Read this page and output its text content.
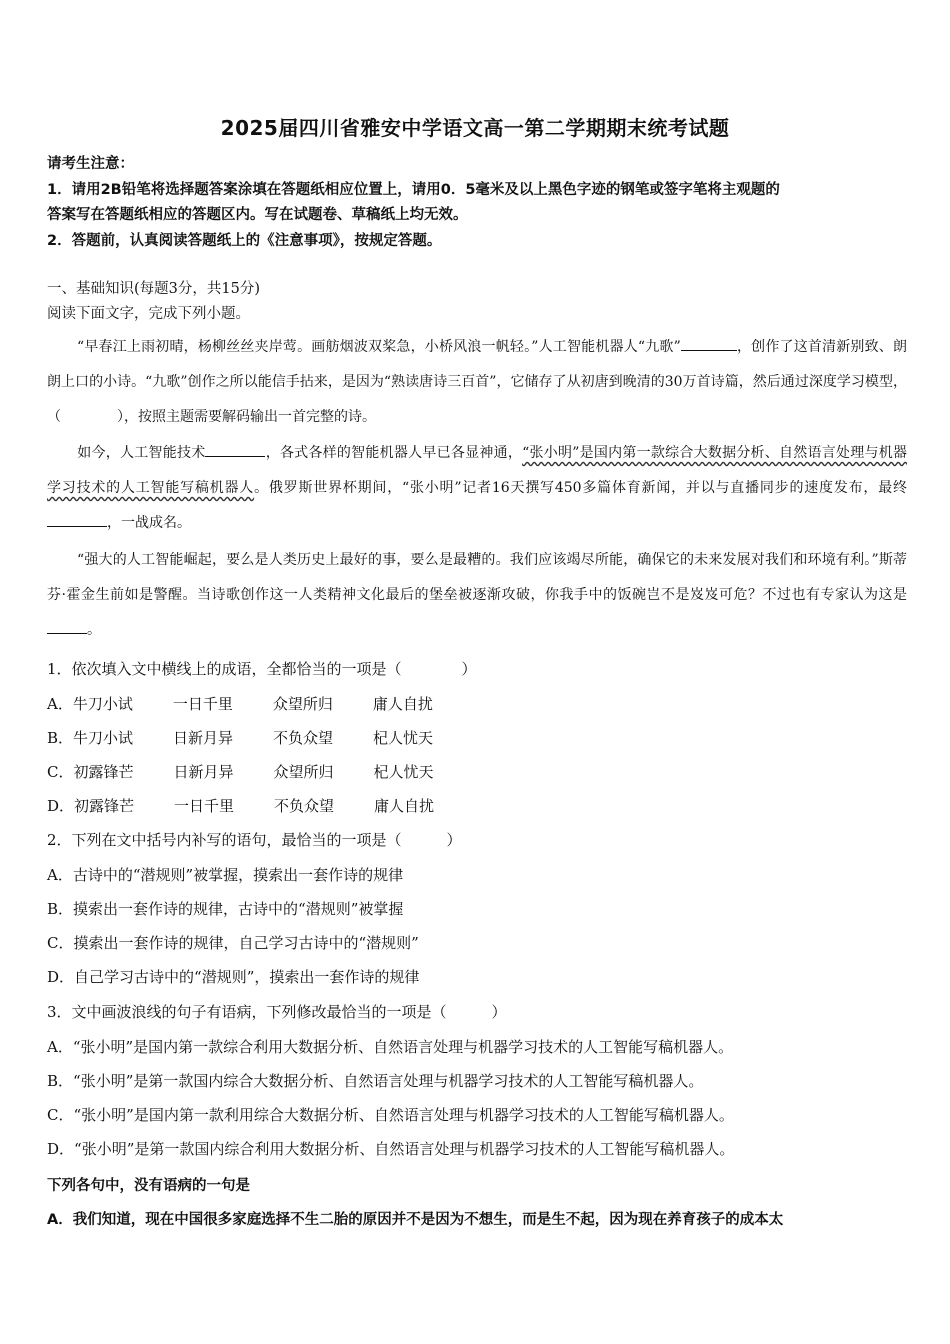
2025届四川省雅安中学语文高一第二学期期末统考试题
请考生注意：
1．请用2B铅笔将选择题答案涂填在答题纸相应位置上，请用0．5毫米及以上黑色字迹的钢笔或签字笔将主观题的
答案写在答题纸相应的答题区内。写在试题卷、草稿纸上均无效。
2．答题前，认真阅读答题纸上的《注意事项》，按规定答题。
一、基础知识(每题3分，共15分)
阅读下面文字，完成下列小题。
“早春江上雨初晴，杨柳丝丝夹岸莺。画舫烟波双桨急，小桥风浪一帆轻。”人工智能机器人“九歌”	，创作了这首清新别致、朗朗上口的小诗。“九歌”创作之所以能信手拈来，是因为“熟读唐诗三百首”，它储存了从初唐到晚清的30万首诗篇，然后通过深度学习模型，（	），按照主题需要解码输出一首完整的诗。
如今，人工智能技术	，各式各样的智能机器人早已各显神通，“张小明”是国内第一款综合大数据分析、自然语言处理与机器学习技术的人工智能写稿机器人。俄罗斯世界杯期间，“张小明”记者16天撰写450多篇体育新闻，并以与直播同步的速度发布，最终，一战成名。
“强大的人工智能崛起，要么是人类历史上最好的事，要么是最糟的。我们应该竭尽所能，确保它的未来发展对我们和环境有利。”斯蒂芬·霍金生前如是警醒。当诗歌创作这一人类精神文化最后的堡垒被逐渐攻破，你我手中的饭碗岂不是岌岌可危？不过也有专家认为这是。
1．依次填入文中横线上的成语，全都恰当的一项是（　　　　）
A．牛刀小试	一日千里	众望所归	庸人自扰
B．牛刀小试	日新月异	不负众望	杞人忧天
C．初露锋芒	日新月异	众望所归	杞人忧天
D．初露锋芒	一日千里	不负众望	庸人自扰
2．下列在文中括号内补写的语句，最恰当的一项是（　　　）
A．古诗中的“潜规则”被掌握，摸索出一套作诗的规律
B．摸索出一套作诗的规律，古诗中的“潜规则”被掌握
C．摸索出一套作诗的规律，自己学习古诗中的“潜规则”
D．自己学习古诗中的“潜规则”，摸索出一套作诗的规律
3．文中画波浪线的句子有语病，下列修改最恰当的一项是（　　　）
A．“张小明”是国内第一款综合利用大数据分析、自然语言处理与机器学习技术的人工智能写稿机器人。
B．“张小明”是第一款国内综合大数据分析、自然语言处理与机器学习技术的人工智能写稿机器人。
C．“张小明”是国内第一款利用综合大数据分析、自然语言处理与机器学习技术的人工智能写稿机器人。
D．“张小明”是第一款国内综合利用大数据分析、自然语言处理与机器学习技术的人工智能写稿机器人。
下列各句中，没有语病的一句是
A．我们知道，现在中国很多家庭选择不生二胎的原因并不是因为不想生，而是生不起，因为现在养育孩子的成本太
